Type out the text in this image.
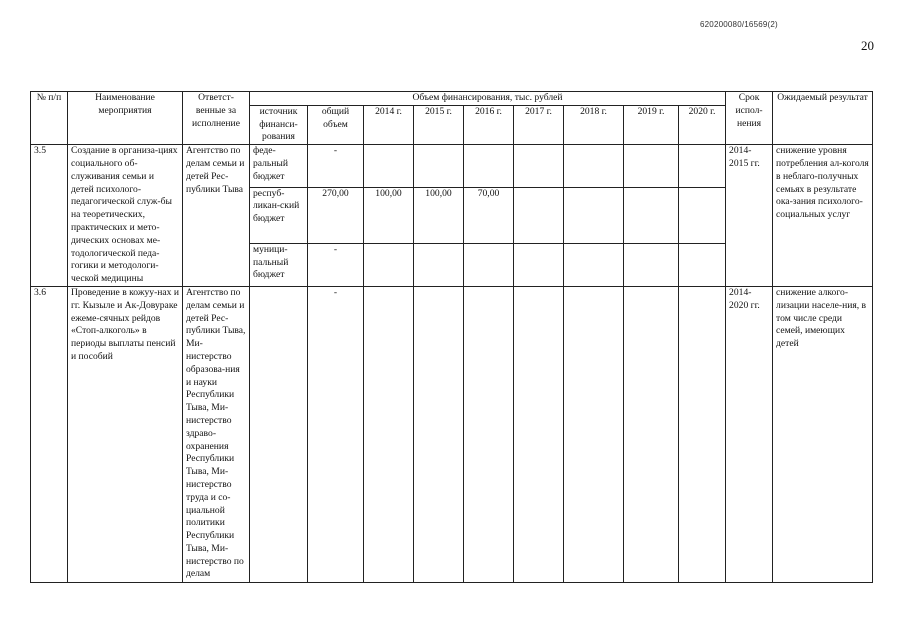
620200080/16569(2)
20
№ п/п	Наименование мероприятия	Ответст-венные за исполнение	Объем финансирования, тыс. рублей									Срок испол-нения	Ожидаемый результат
			источник финанси-рования	общий объем	2014 г.	2015 г.	2016 г.	2017 г.	2018 г.	2019 г.	2020 г.		
3.5	Создание в организа-циях социального об-служивания семьи и детей психолого-педагогической служ-бы на теоретических, практических и мето-дических основах ме-тодологической педа-гогики и методологи-ческой медицины	Агентство по делам семьи и детей Рес-публики Тыва	феде-ральный бюджет	-								2014-2015 гг.	снижение уровня потребления ал-коголя в неблаго-получных семьях в результате ока-зания психолого-социальных услуг
			респуб-ликан-ский бюджет	270,00	100,00	100,00	70,00						
			муници-пальный бюджет	-									
3.6	Проведение в кожуу-нах и гг. Кызыле и Ак-Довураке ежеме-сячных рейдов «Стоп-алкоголь» в периоды выплаты пенсий и пособий	Агентство по делам семьи и детей Рес-публики Тыва, Ми-нистерство образова-ния и науки Республики Тыва, Ми-нистерство здраво-охранения Республики Тыва, Ми-нистерство труда и со-циальной политики Республики Тыва, Ми-нистерство по делам		-								2014-2020 гг.	снижение алкого-лизации населе-ния, в том числе среди семей, имеющих детей
